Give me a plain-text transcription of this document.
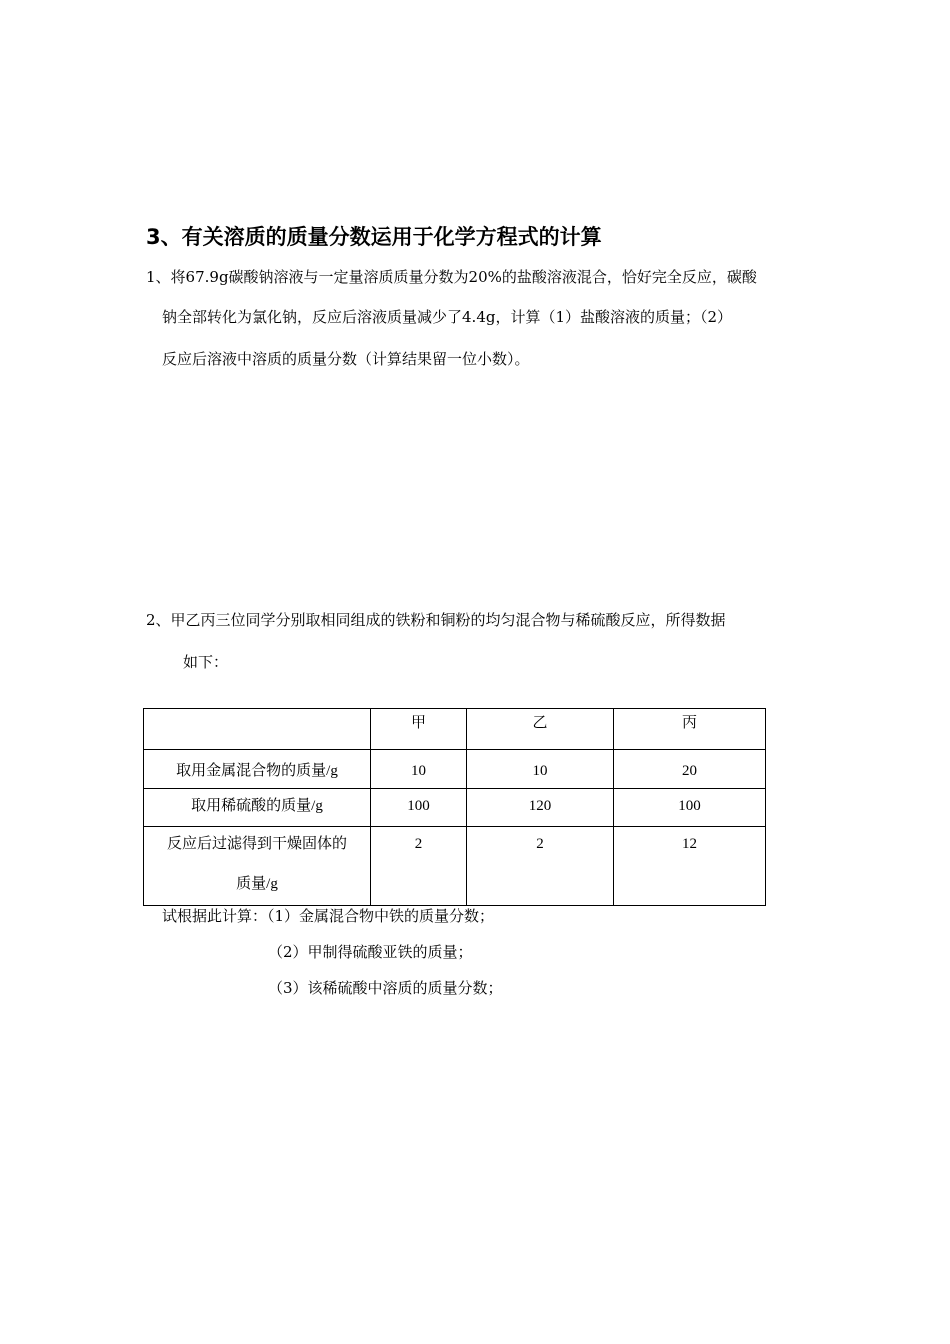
3、有关溶质的质量分数运用于化学方程式的计算
1、将67.9g碳酸钠溶液与一定量溶质质量分数为20%的盐酸溶液混合，恰好完全反应，碳酸
钠全部转化为氯化钠，反应后溶液质量减少了4.4g，计算（1）盐酸溶液的质量；（2）
反应后溶液中溶质的质量分数（计算结果留一位小数）。
2、甲乙丙三位同学分别取相同组成的铁粉和铜粉的均匀混合物与稀硫酸反应，所得数据
如下：
	甲	乙	丙

取用金属混合物的质量/g	10	10	20

取用稀硫酸的质量/g	100	120	100

反应后过滤得到干燥固体的
质量/g	2	2	12
试根据此计算：（1）金属混合物中铁的质量分数；
（2）甲制得硫酸亚铁的质量；
（3）该稀硫酸中溶质的质量分数；
